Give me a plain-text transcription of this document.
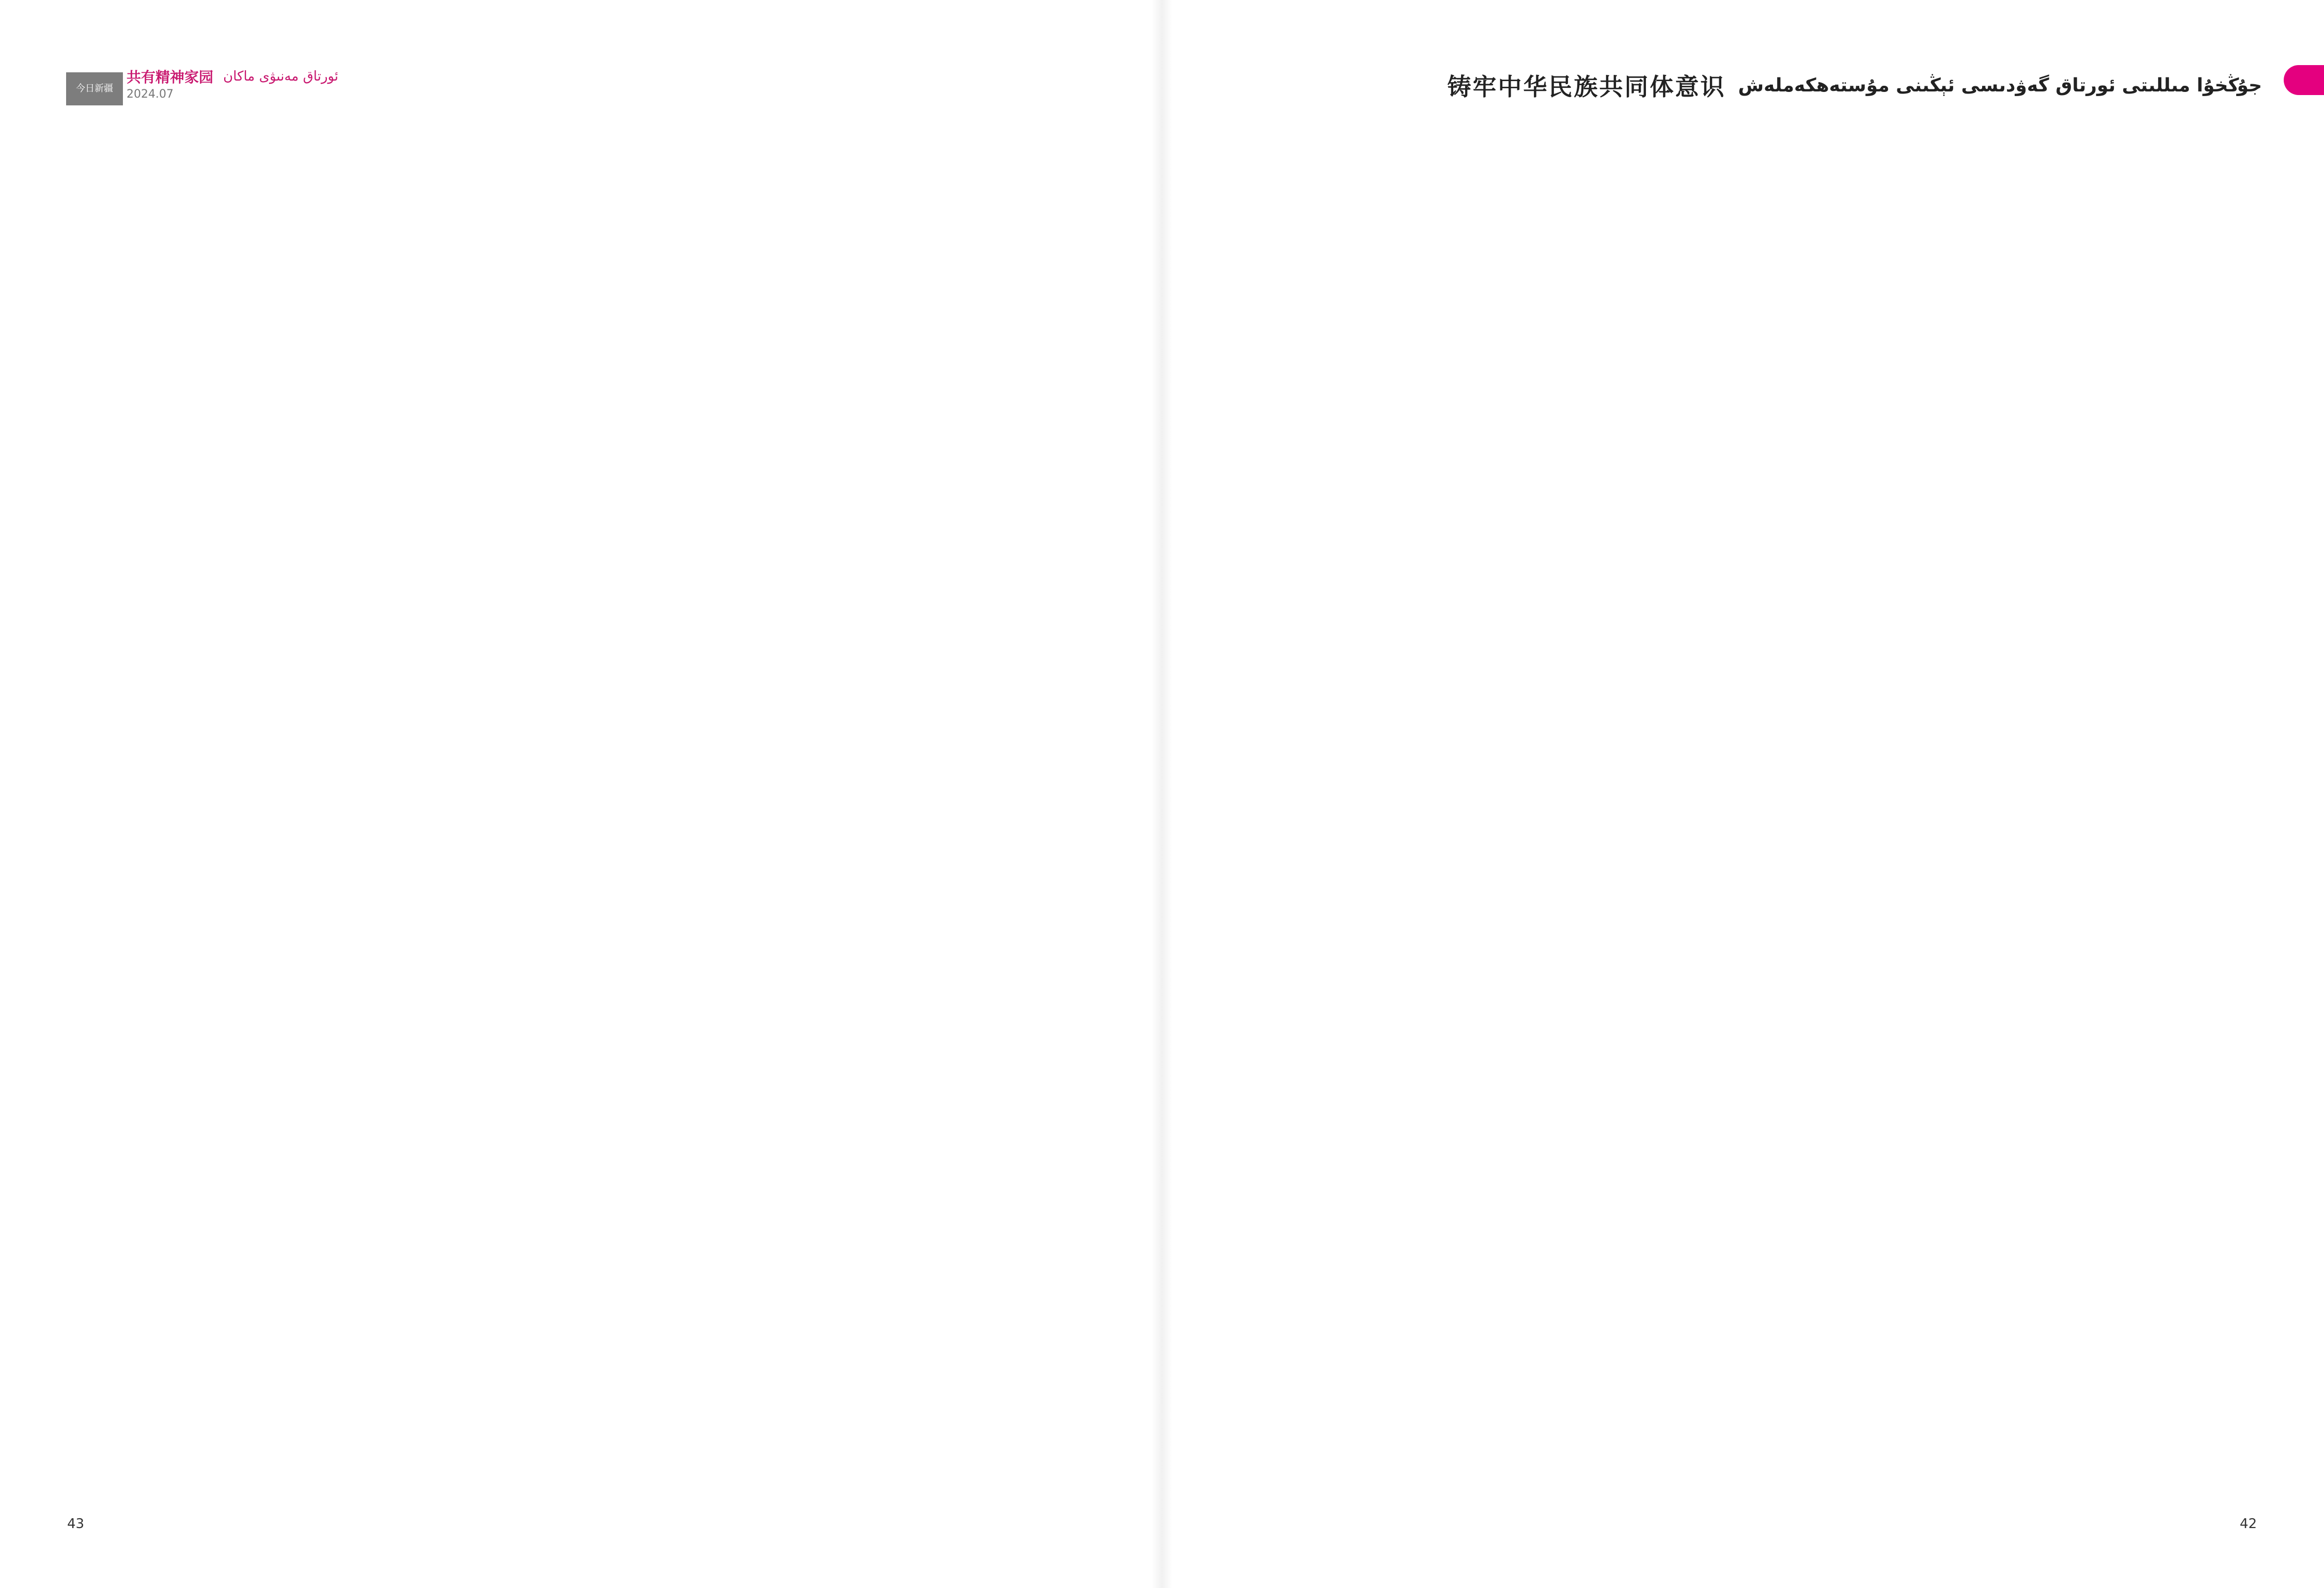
今日新疆
共有精神家园 ئورتاق مەنىۋى ماكان
2024.07

43
铸牢中华民族共同体意识 جۇڭخۇا مىللىتى ئورتاق گەۋدىسى ئېڭىنى مۇستەھكەملەش

42
